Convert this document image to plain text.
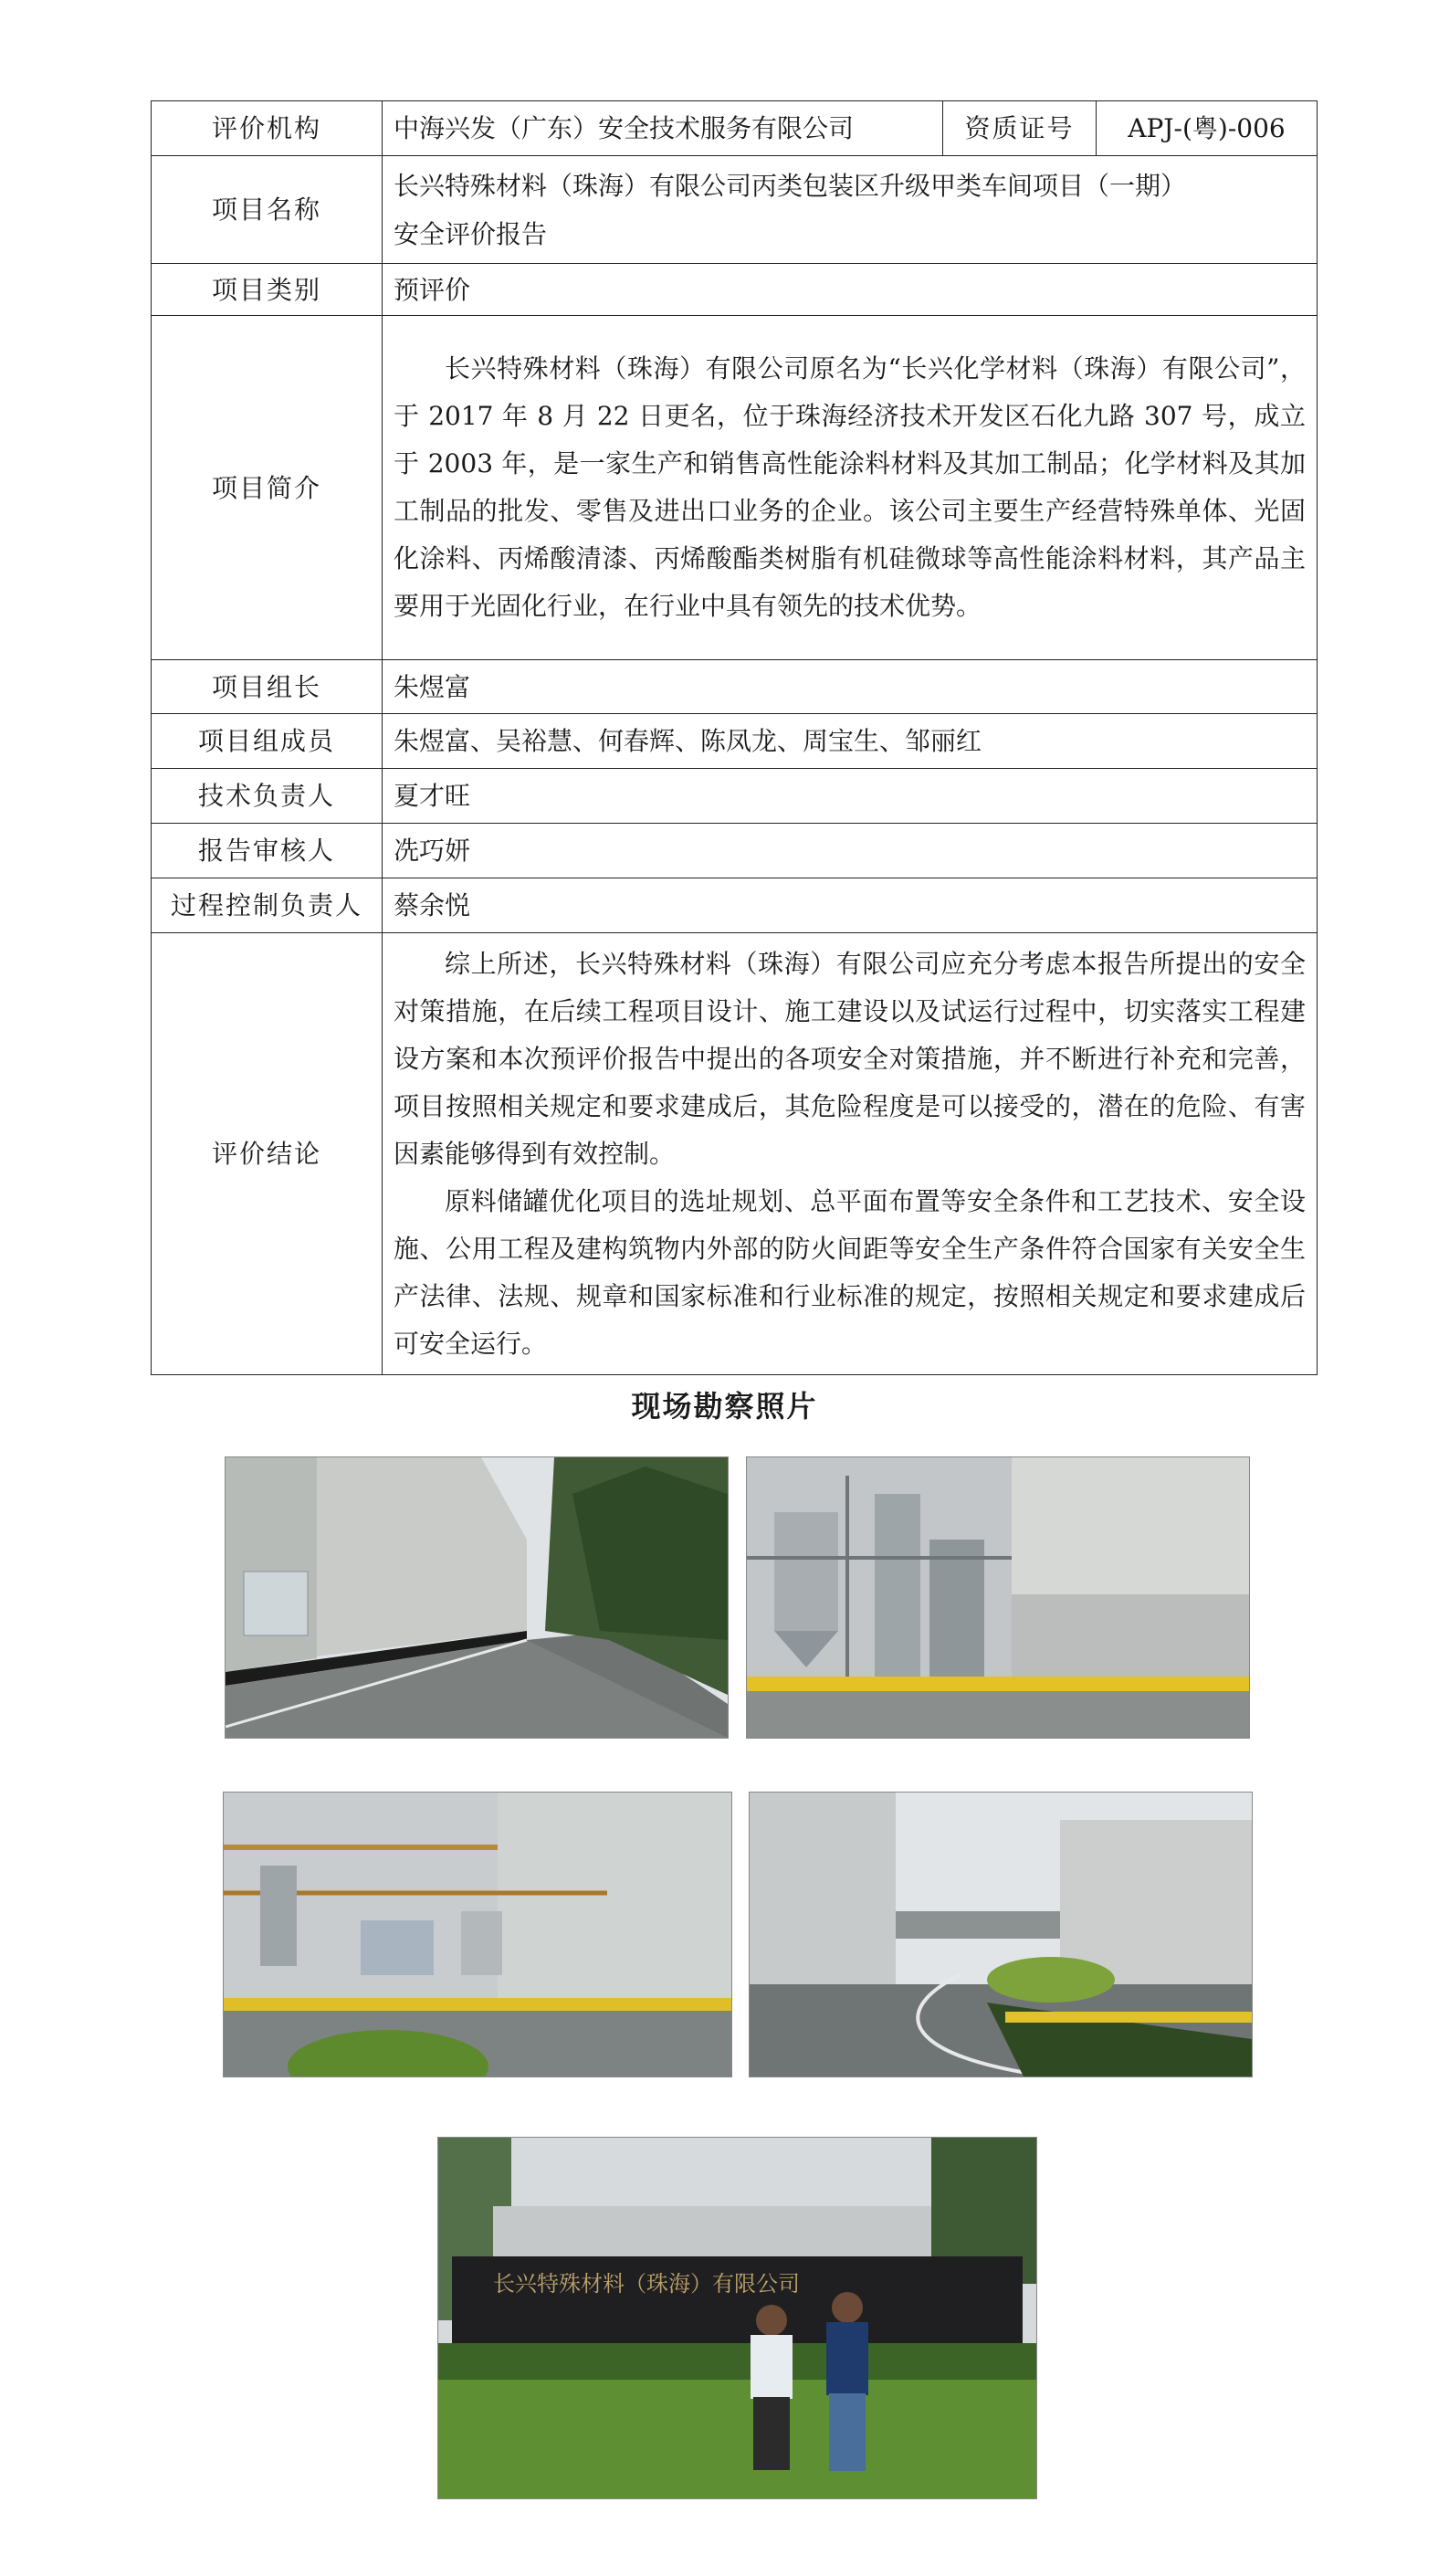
评价机构	中海兴发（广东）安全技术服务有限公司	资质证号	APJ-(粤)-006
项目名称	长兴特殊材料（珠海）有限公司丙类包装区升级甲类车间项目（一期）
安全评价报告		

项目类别	预评价		
项目简介	长兴特殊材料（珠海）有限公司原名为“长兴化学材料（珠海）有限公司”，于 2017 年 8 月 22 日更名，位于珠海经济技术开发区石化九路 307 号，成立于 2003 年，是一家生产和销售高性能涂料材料及其加工制品；化学材料及其加工制品的批发、零售及进出口业务的企业。该公司主要生产经营特殊单体、光固化涂料、丙烯酸清漆、丙烯酸酯类树脂有机硅微球等高性能涂料材料，其产品主要用于光固化行业，在行业中具有领先的技术优势。		

项目组长	朱煜富		
项目组成员	朱煜富、吴裕慧、何春辉、陈凤龙、周宝生、邹丽红		
技术负责人	夏才旺		
报告审核人	冼巧妍		
过程控制负责人	蔡余悦		
评价结论	综上所述，长兴特殊材料（珠海）有限公司应充分考虑本报告所提出的安全对策措施，在后续工程项目设计、施工建设以及试运行过程中，切实落实工程建设方案和本次预评价报告中提出的各项安全对策措施，并不断进行补充和完善，项目按照相关规定和要求建成后，其危险程度是可以接受的，潜在的危险、有害因素能够得到有效控制。

原料储罐优化项目的选址规划、总平面布置等安全条件和工艺技术、安全设施、公用工程及建构筑物内外部的防火间距等安全生产条件符合国家有关安全生产法律、法规、规章和国家标准和行业标准的规定，按照相关规定和要求建成后可安全运行。		

现场勘察照片
长兴特殊材料（珠海）有限公司
